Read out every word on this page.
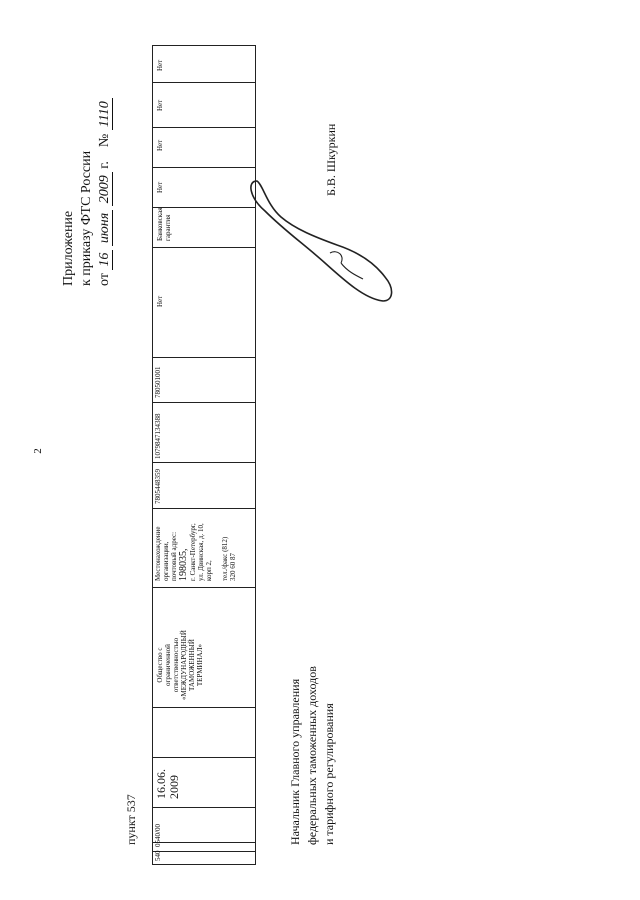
2
Приложение к приказу ФТС России от 16 июня 2009 г.    № 1110
пункт 537
540
0540/00
16.06. 2009
Общество с ограниченной ответственностью «МЕЖДУНАРОДНЫЙ ТАМОЖЕННЫЙ ТЕРМИНАЛ»
Местонахождение организации, почтовый адрес: 198035, г. Санкт-Петербург, ул. Двинская, д. 10, корп 2,
тел./факс (812) 320 60 87
7805448359
1079847134388
780501001
Нет
Банковская гарантия
Нет
Нет
Нет
Нет
Б.В. Шкуркин
Начальник Главного управления федеральных таможенных доходов и тарифного регулирования
